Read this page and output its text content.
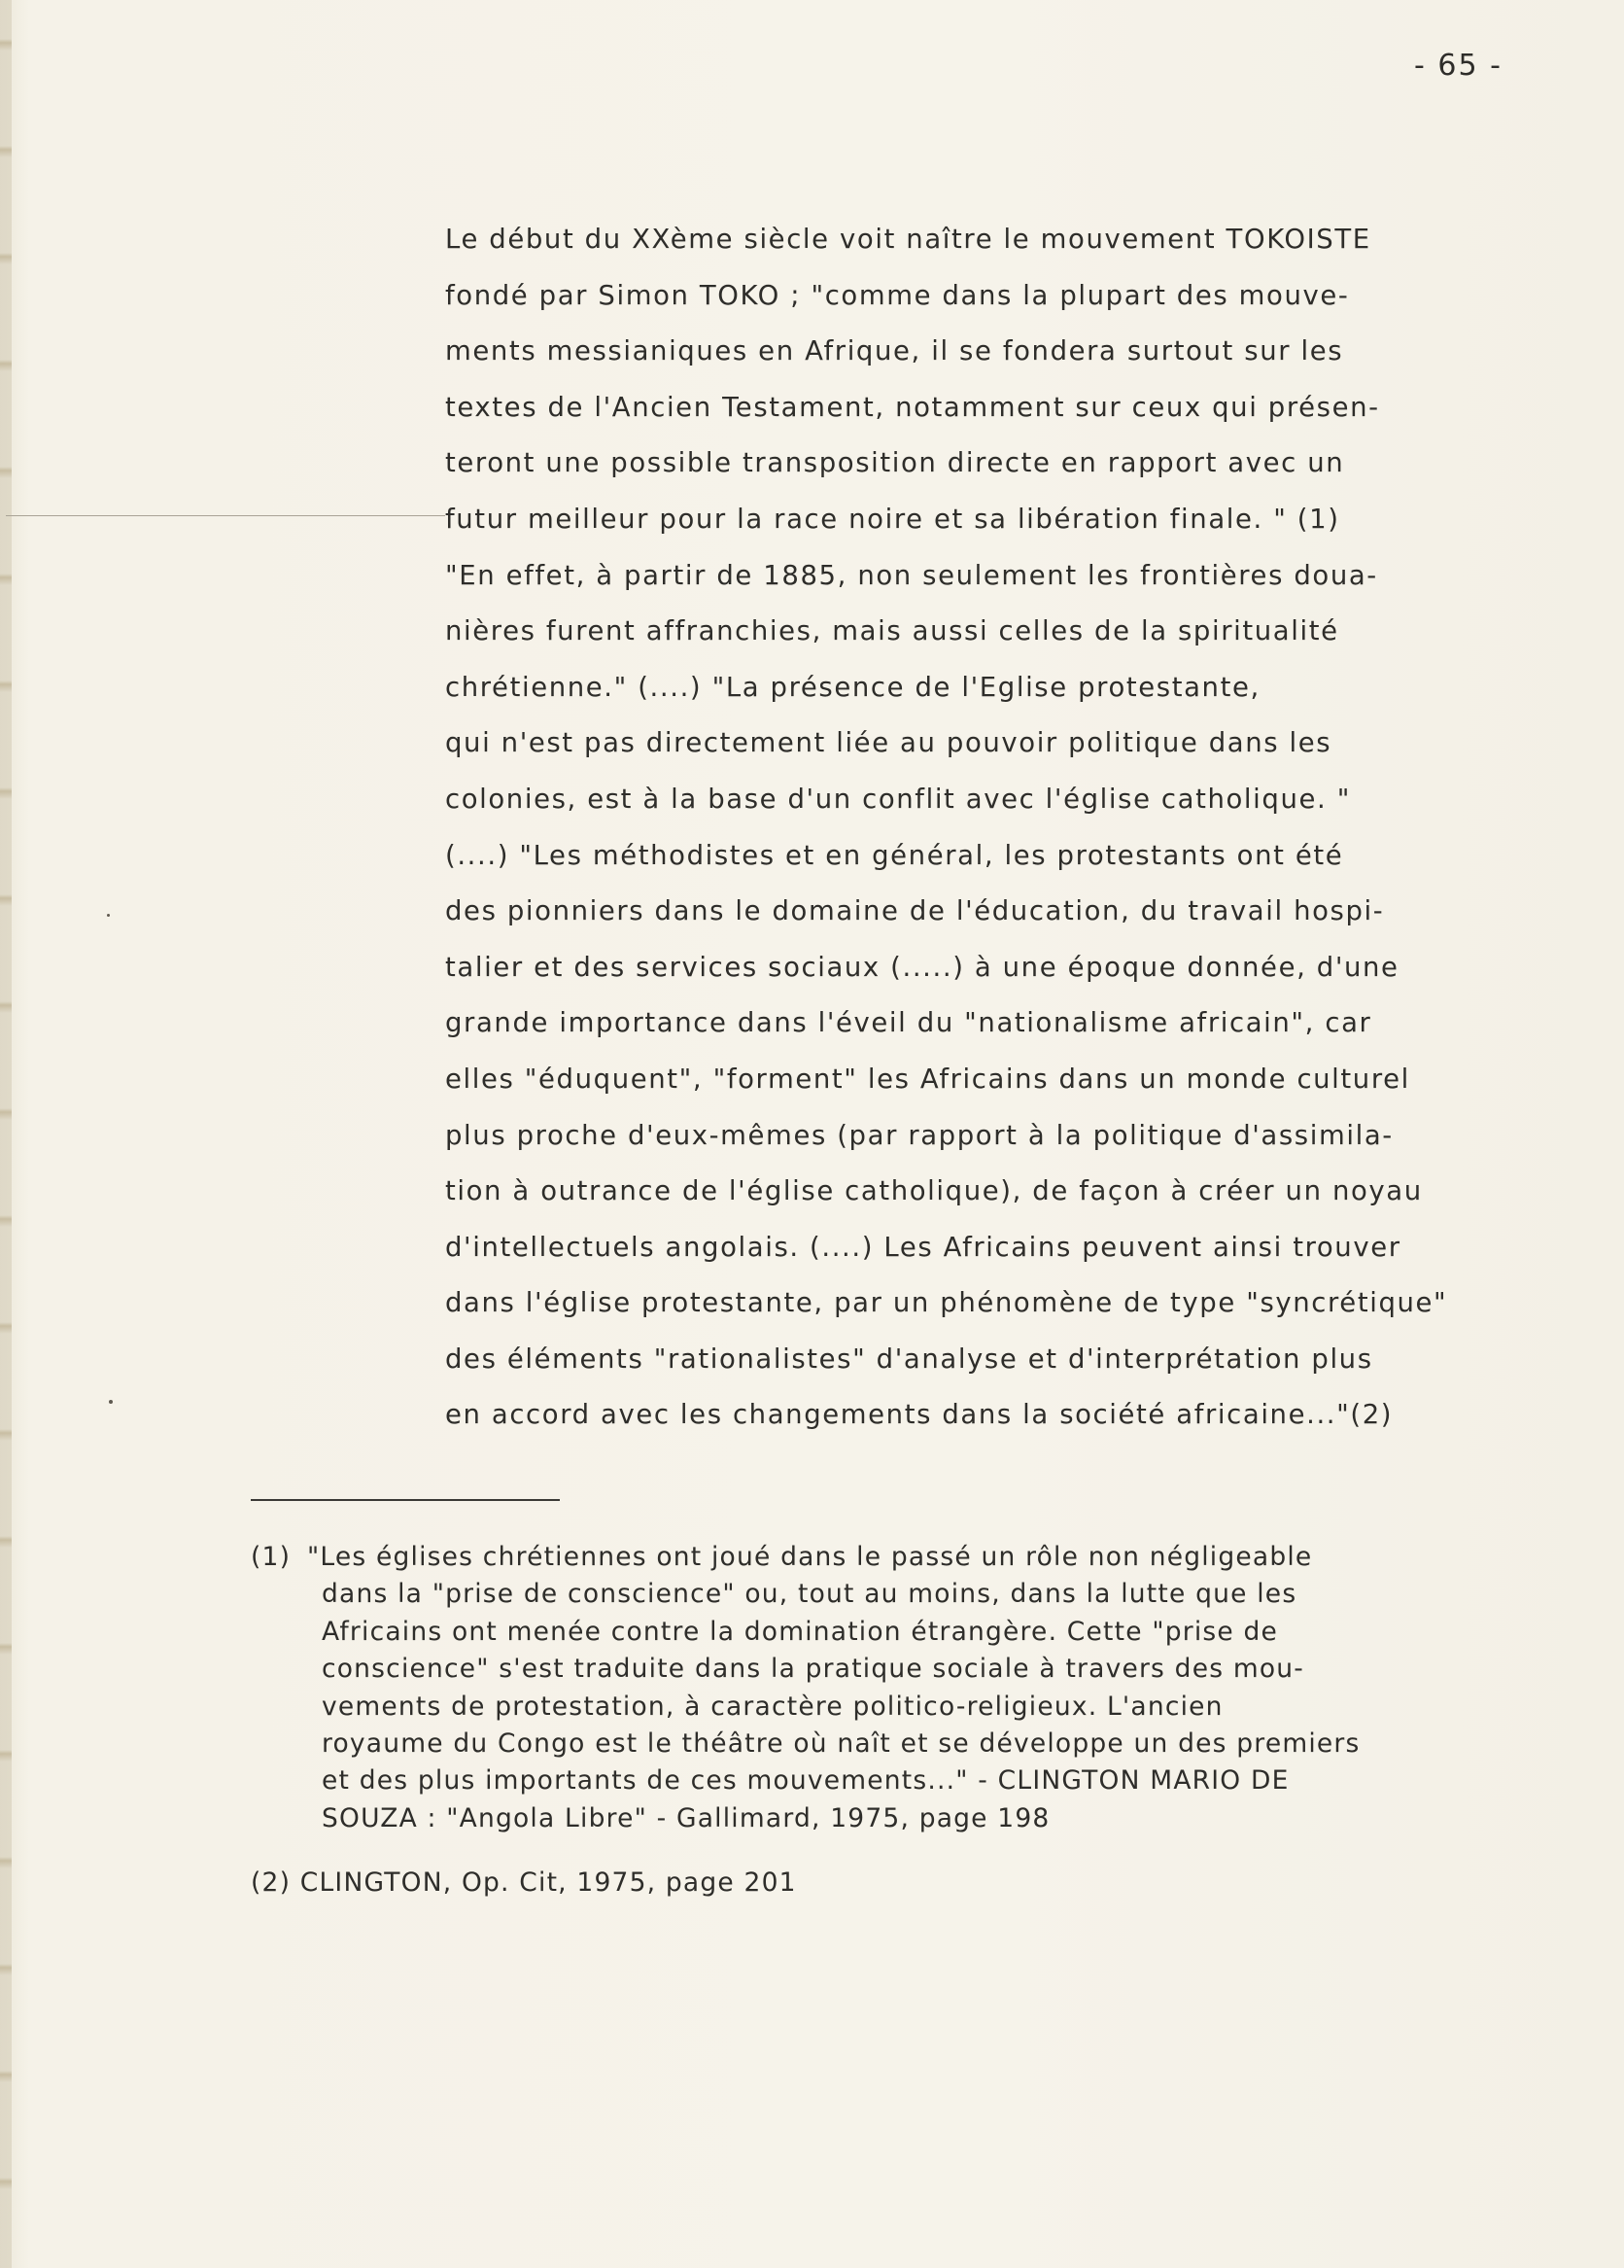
- 65 -
Le début du XXème siècle voit naître le mouvement TOKOISTE
fondé par Simon TOKO ; "comme dans la plupart des mouve-
ments messianiques en Afrique, il se fondera surtout sur les
textes de l'Ancien Testament, notamment sur ceux qui présen-
teront une possible transposition directe en rapport avec un
futur meilleur pour la race noire et sa libération finale. " (1)
"En effet, à partir de 1885, non seulement les frontières doua-
nières furent affranchies, mais aussi celles de la spiritualité
chrétienne." (....) "La présence de l'Eglise protestante,
qui n'est pas directement liée au pouvoir politique dans les
colonies, est à la base d'un conflit avec l'église catholique. "
(....) "Les méthodistes et en général, les protestants ont été
des pionniers dans le domaine de l'éducation, du travail hospi-
talier et des services sociaux (.....) à une époque donnée, d'une
grande importance dans l'éveil du "nationalisme africain", car
elles "éduquent", "forment" les Africains dans un monde culturel
plus proche d'eux-mêmes (par rapport à la politique d'assimila-
tion à outrance de l'église catholique), de façon à créer un noyau
d'intellectuels angolais. (....) Les Africains peuvent ainsi trouver
dans l'église protestante, par un phénomène de type "syncrétique"
des éléments "rationalistes" d'analyse et d'interprétation plus
en accord avec les changements dans la société africaine..."(2)
(1) "Les églises chrétiennes ont joué dans le passé un rôle non négligeable
dans la "prise de conscience" ou, tout au moins, dans la lutte que les
Africains ont menée contre la domination étrangère. Cette "prise de
conscience" s'est traduite dans la pratique sociale à travers des mou-
vements de protestation, à caractère politico-religieux. L'ancien
royaume du Congo est le théâtre où naît et se développe un des premiers
et des plus importants de ces mouvements..." - CLINGTON MARIO DE
SOUZA : "Angola Libre" - Gallimard, 1975, page 198
(2) CLINGTON, Op. Cit, 1975, page 201
